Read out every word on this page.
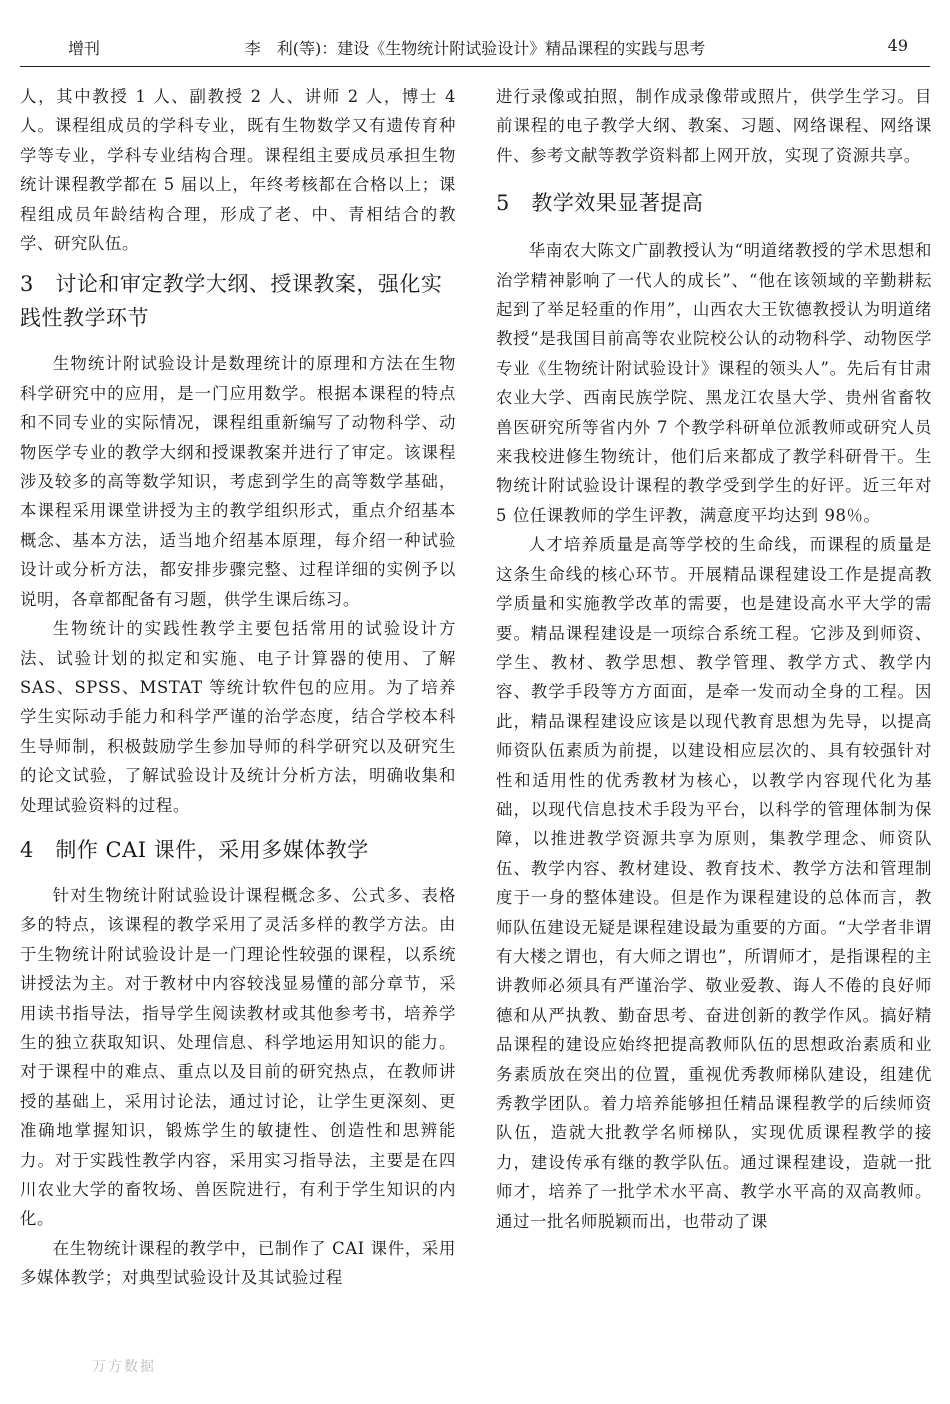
增刊	李　利(等)：建设《生物统计附试验设计》精品课程的实践与思考	49

人，其中教授 1 人、副教授 2 人、讲师 2 人，博士 4 人。课程组成员的学科专业，既有生物数学又有遗传育种学等专业，学科专业结构合理。课程组主要成员承担生物统计课程教学都在 5 届以上，年终考核都在合格以上；课程组成员年龄结构合理，形成了老、中、青相结合的教学、研究队伍。

3　讨论和审定教学大纲、授课教案，强化实践性教学环节

生物统计附试验设计是数理统计的原理和方法在生物科学研究中的应用，是一门应用数学。根据本课程的特点和不同专业的实际情况，课程组重新编写了动物科学、动物医学专业的教学大纲和授课教案并进行了审定。该课程涉及较多的高等数学知识，考虑到学生的高等数学基础，本课程采用课堂讲授为主的教学组织形式，重点介绍基本概念、基本方法，适当地介绍基本原理，每介绍一种试验设计或分析方法，都安排步骤完整、过程详细的实例予以说明，各章都配备有习题，供学生课后练习。

生物统计的实践性教学主要包括常用的试验设计方法、试验计划的拟定和实施、电子计算器的使用、了解 SAS、SPSS、MSTAT 等统计软件包的应用。为了培养学生实际动手能力和科学严谨的治学态度，结合学校本科生导师制，积极鼓励学生参加导师的科学研究以及研究生的论文试验，了解试验设计及统计分析方法，明确收集和处理试验资料的过程。

4　制作 CAI 课件，采用多媒体教学

针对生物统计附试验设计课程概念多、公式多、表格多的特点，该课程的教学采用了灵活多样的教学方法。由于生物统计附试验设计是一门理论性较强的课程，以系统讲授法为主。对于教材中内容较浅显易懂的部分章节，采用读书指导法，指导学生阅读教材或其他参考书，培养学生的独立获取知识、处理信息、科学地运用知识的能力。对于课程中的难点、重点以及目前的研究热点，在教师讲授的基础上，采用讨论法，通过讨论，让学生更深刻、更准确地掌握知识，锻炼学生的敏捷性、创造性和思辨能力。对于实践性教学内容，采用实习指导法，主要是在四川农业大学的畜牧场、兽医院进行，有利于学生知识的内化。

在生物统计课程的教学中，已制作了 CAI 课件，采用多媒体教学；对典型试验设计及其试验过程

进行录像或拍照，制作成录像带或照片，供学生学习。目前课程的电子教学大纲、教案、习题、网络课程、网络课件、参考文献等教学资料都上网开放，实现了资源共享。

5　教学效果显著提高

华南农大陈文广副教授认为“明道绪教授的学术思想和治学精神影响了一代人的成长”、“他在该领域的辛勤耕耘起到了举足轻重的作用”，山西农大王钦德教授认为明道绪教授“是我国目前高等农业院校公认的动物科学、动物医学专业《生物统计附试验设计》课程的领头人”。先后有甘肃农业大学、西南民族学院、黑龙江农垦大学、贵州省畜牧兽医研究所等省内外 7 个教学科研单位派教师或研究人员来我校进修生物统计，他们后来都成了教学科研骨干。生物统计附试验设计课程的教学受到学生的好评。近三年对 5 位任课教师的学生评教，满意度平均达到 98％。

人才培养质量是高等学校的生命线，而课程的质量是这条生命线的核心环节。开展精品课程建设工作是提高教学质量和实施教学改革的需要，也是建设高水平大学的需要。精品课程建设是一项综合系统工程。它涉及到师资、学生、教材、教学思想、教学管理、教学方式、教学内容、教学手段等方方面面，是牵一发而动全身的工程。因此，精品课程建设应该是以现代教育思想为先导，以提高师资队伍素质为前提，以建设相应层次的、具有较强针对性和适用性的优秀教材为核心，以教学内容现代化为基础，以现代信息技术手段为平台，以科学的管理体制为保障，以推进教学资源共享为原则，集教学理念、师资队伍、教学内容、教材建设、教育技术、教学方法和管理制度于一身的整体建设。但是作为课程建设的总体而言，教师队伍建设无疑是课程建设最为重要的方面。“大学者非谓有大楼之谓也，有大师之谓也”，所谓师才，是指课程的主讲教师必须具有严谨治学、敬业爱教、诲人不倦的良好师德和从严执教、勤奋思考、奋进创新的教学作风。搞好精品课程的建设应始终把提高教师队伍的思想政治素质和业务素质放在突出的位置，重视优秀教师梯队建设，组建优秀教学团队。着力培养能够担任精品课程教学的后续师资队伍，造就大批教学名师梯队，实现优质课程教学的接力，建设传承有继的教学队伍。通过课程建设，造就一批师才，培养了一批学术水平高、教学水平高的双高教师。通过一批名师脱颖而出，也带动了课

万方数据
